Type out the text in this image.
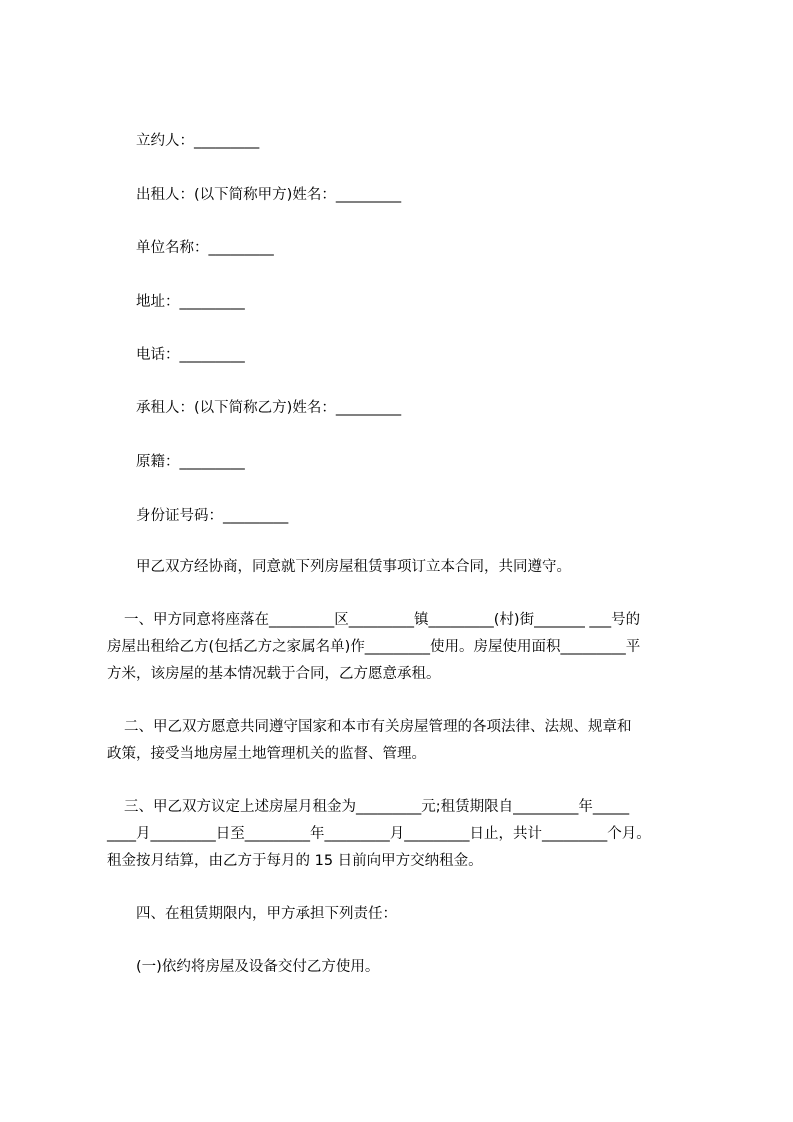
立约人：_________

出租人：(以下简称甲方)姓名：_________

单位名称：_________

地址：_________

电话：_________

承租人：(以下简称乙方)姓名：_________

原籍：_________

身份证号码：_________

甲乙双方经协商，同意就下列房屋租赁事项订立本合同，共同遵守。

一、甲方同意将座落在_________区_________镇_________(村)街_______ ___号的

房屋出租给乙方(包括乙方之家属名单)作_________使用。房屋使用面积_________平

方米，该房屋的基本情况载于合同，乙方愿意承租。

二、甲乙双方愿意共同遵守国家和本市有关房屋管理的各项法律、法规、规章和

政策，接受当地房屋土地管理机关的监督、管理。

三、甲乙双方议定上述房屋月租金为_________元;租赁期限自_________年_____

____月_________日至_________年_________月_________日止，共计_________个月。

租金按月结算，由乙方于每月的 15 日前向甲方交纳租金。

四、在租赁期限内，甲方承担下列责任：

(一)依约将房屋及设备交付乙方使用。
